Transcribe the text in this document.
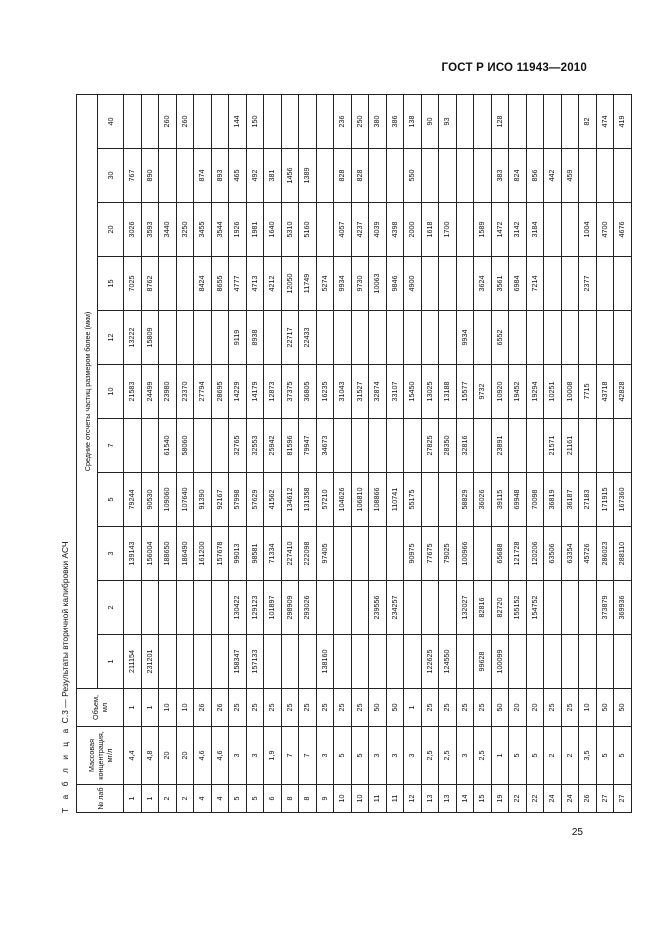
ГОСТ Р ИСО 11943—2010
Т а б л и ц а С.3 — Результаты вторичной калибровки АСЧ
№ лаб	Массовая концентрация, мг/л	Объем, мл	Средние отсчеты частиц размером более (мкм)										
			1	2	3	5	7	10	12	15	20	30	40
1	4,4	1	211154		139143	79244		21583	13222	7025	3026	767	
1	4,8	1	231201		156004	90530		24499	15809	8762	3593	890	
2	20	10			188650	109060	61540	23980			3440		260
2	20	10			186490	107640	58060	23370			3250		260
4	4,6	26			161200	91390		27794		8424	3455	874	
4	4,6	26			157678	92167		28695		8655	3544	893	
5	3	25	158347	130422	99013	57998	32765	14229	9119	4777	1926	465	144
5	3	25	157133	129123	98581	57629	32553	14179	8938	4713	1981	492	150
6	1,9	25		101897	71334	41562	25942	12873		4212	1640	381	
8	7	25		298909	227410	134612	81596	37375	22717	12050	5310	1456	
8	7	25		293026	222098	131358	79947	36805	22433	11749	5160	1389	
9	3	25	138160		97405	57210	34673	16235		5274			
10	5	25				104626		31043		9934	4057	828	236
10	5	25				106810		31527		9730	4237	828	250
11	3	50		239556		108866		32874		10063	4039		380
11	3	50		234257		110741		33107		9846	4398		386
12	3	1			90975	55175		15450		4900	2000	550	138
13	2,5	25	122625		77675		27825	13025			1618		90
13	2,5	25	124550		79025		28350	13188			1700		93
14	3	25		132027	100966	58829	32816	15577	9934				
15	2,5	25	99628	82816		36026		9732		3624	1589		
19	1	50	100099	82720	65688	39115	23891	10920	6552	3561	1472	383	128
22	5	20		155152	121728	69948		19452		6984	3142	824	
22	5	20		154752	120206	70098		19294		7214	3184	856	
24	2	25			63506	36819	21571	10251				442	
24	2	25			63354	36187	21161	10008				459	
26	3,5	10			45726	27183		7715		2377	1004		82
27	5	50		373879	286023	171915		43718			4700		474
27	5	50		369936	288110	167360		42828			4676		419
25
